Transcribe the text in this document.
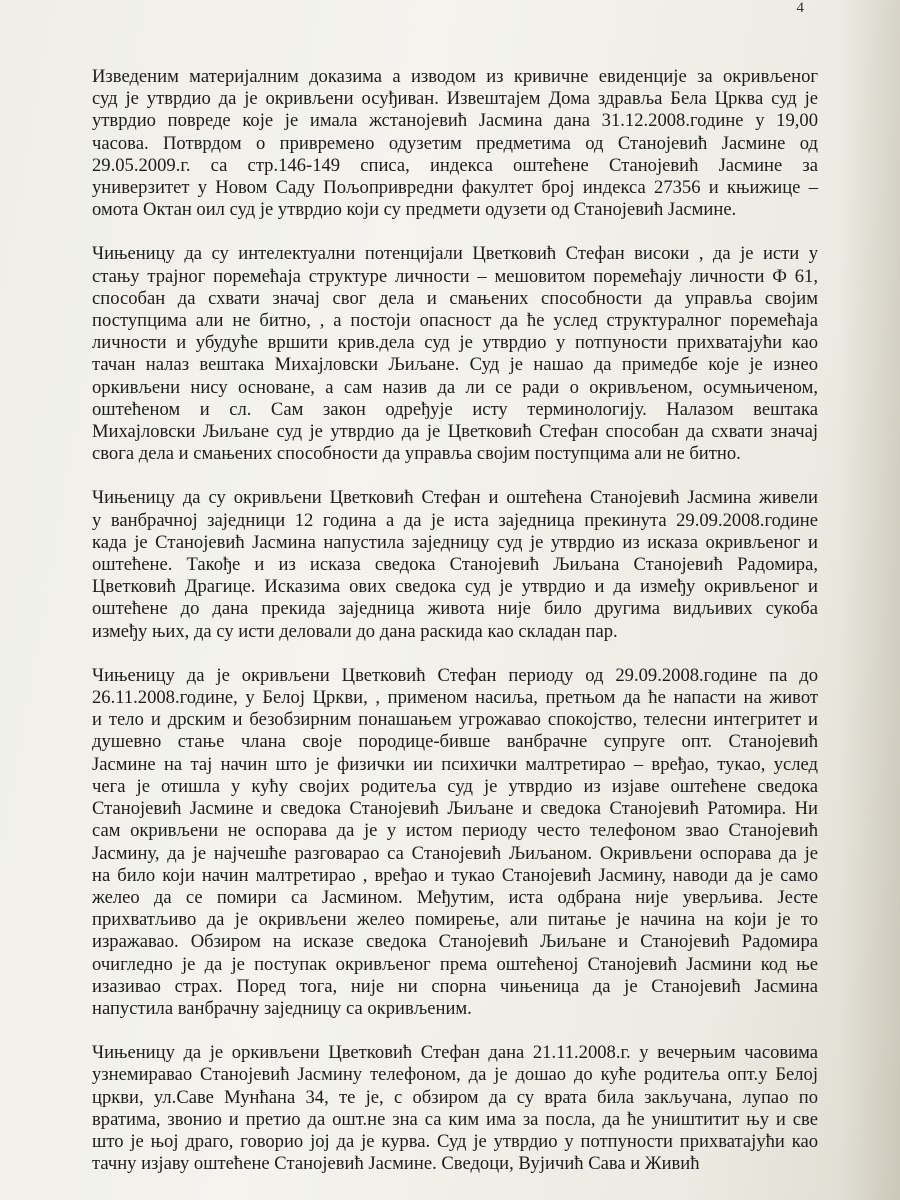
4
Изведеним материјалним доказима а изводом из кривичне евиденције за окривљеног
суд је утврдио да је окривљени осуђиван. Извештајем Дома здравља Бела Црква суд је
утврдио повреде које је имала жстанојевић Јасмина дана 31.12.2008.године у 19,00
часова. Потврдом о привремено одузетим предметима од Станојевић Јасмине од
29.05.2009.г. са стр.146-149 списа, индекса оштећене Станојевић Јасмине за
универзитет у Новом Саду Пољопривредни факултет број индекса 27356 и књижице –
омота Октан оил суд је утврдио који су предмети одузети од Станојевић Јасмине.
Чињеницу да су интелектуални потенцијали Цветковић Стефан високи , да је исти у
стању трајног поремећаја структуре личности – мешовитом поремећају личности Ф 61,
способан да схвати значај свог дела и смањених способности да управља својим
поступцима али не битно, , а постоји опасност да ће услед структуралног поремећаја
личности и убудуће вршити крив.дела суд је утврдио у потпуности прихватајући као
тачан налаз вештака Михајловски Љиљане. Суд је нашао да примедбе које је изнео
оркивљени нису основане, а сам назив да ли се ради о окривљеном, осумњиченом,
оштећеном и сл. Сам закон одређује исту терминологију. Налазом вештака
Михајловски Љиљане суд је утврдио да је Цветковић Стефан способан да схвати значај
свога дела и смањених способности да управља својим поступцима али не битно.
Чињеницу да су окривљени Цветковић Стефан и оштећена Станојевић Јасмина живели
у ванбрачној заједници 12 година а да је иста заједница прекинута 29.09.2008.године
када је Станојевић Јасмина напустила заједницу суд је утврдио из исказа окривљеног и
оштећене. Такође и из исказа сведока Станојевић Љиљана Станојевић Радомира,
Цветковић Драгице. Исказима ових сведока суд је утврдио и да између окривљеног и
оштећене до дана прекида заједница живота није било другима видљивих сукоба
између њих, да су исти деловали до дана раскида као складан пар.
Чињеницу да је окривљени Цветковић Стефан периоду од 29.09.2008.године па до
26.11.2008.године, у Белој Цркви, , применом насиља, претњом да ће напасти на живот
и тело и дрским и безобзирним понашањем угрожавао спокојство, телесни интегритет и
душевно стање члана своје породице-бивше ванбрачне супруге опт. Станојевић
Јасмине на тај начин што је физички ии психички малтретирао – вређао, тукао, услед
чега је отишла у кућу својих родитеља суд је утврдио из изјаве оштећене сведока
Станојевић Јасмине и сведока Станојевић Љиљане и сведока Станојевић Ратомира. Ни
сам окривљени не оспорава да је у истом периоду често телефоном звао Станојевић
Јасмину, да је најчешће разговарао са Станојевић Љиљаном. Окривљени оспорава да је
на било који начин малтретирао , вређао и тукао Станојевић Јасмину, наводи да је само
желео да се помири са Јасмином. Међутим, иста одбрана није уверљива. Јесте
прихватљиво да је окривљени желео помирење, али питање је начина на који је то
изражавао. Обзиром на исказе сведока Станојевић Љиљане и Станојевић Радомира
очигледно је да је поступак окривљеног према оштећеној Станојевић Јасмини код ње
изазивао страх. Поред тога, није ни спорна чињеница да је Станојевић Јасмина
напустила ванбрачну заједницу са окривљеним.
Чињеницу да је оркивљени Цветковић Стефан дана 21.11.2008.г. у вечерњим часовима
узнемиравао Станојевић Јасмину телефоном, да је дошао до куће родитеља опт.у Белој
цркви, ул.Саве Мунћана 34, те је, с обзиром да су врата била закључана, лупао по
вратима, звонио и претио да ошт.не зна са ким има за посла, да ће уништитит њу и све
што је њој драго, говорио јој да је курва. Суд је утврдио у потпуности прихватајући као
тачну изјаву оштећене Станојевић Јасмине. Сведоци, Вујичић Сава и Живић
